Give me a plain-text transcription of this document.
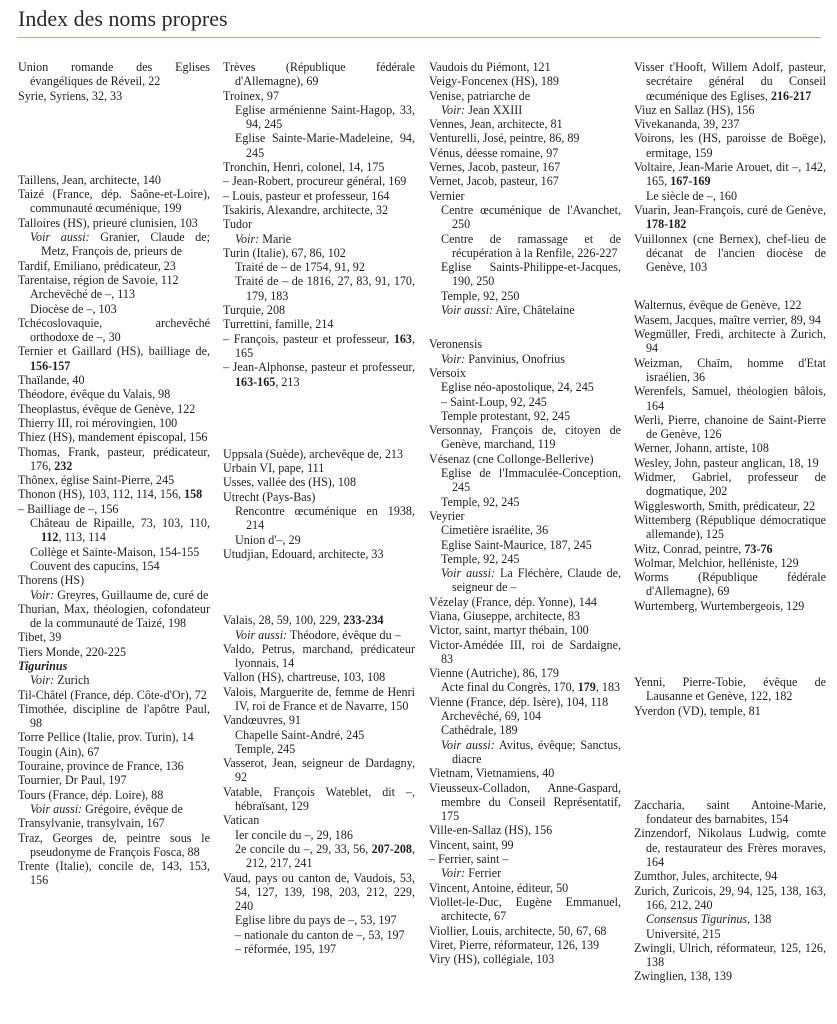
Index des noms propres

Union romande des Eglises évangéliques de Réveil, 22

Syrie, Syriens, 32, 33

Taillens, Jean, architecte, 140

Taizé (France, dép. Saône-et-Loire), communauté œcuménique, 199

Talloires (HS), prieuré clunisien, 103

Voir aussi: Granier, Claude de; Metz, François de, prieurs de

Tardif, Emiliano, prédicateur, 23

Tarentaise, région de Savoie, 112

Archevêché de –, 113

Diocèse de –, 103

Tchécoslovaquie, archevêché orthodoxe de –, 30

Ternier et Gaillard (HS), bailliage de, 156-157

Thaïlande, 40

Théodore, évêque du Valais, 98

Theoplastus, évêque de Genève, 122

Thierry III, roi mérovingien, 100

Thiez (HS), mandement épiscopal, 156

Thomas, Frank, pasteur, prédicateur, 176, 232

Thônex, église Saint-Pierre, 245

Thonon (HS), 103, 112, 114, 156, 158

– Bailliage de –, 156

Château de Ripaille, 73, 103, 110, 112, 113, 114

Collège et Sainte-Maison, 154-155

Couvent des capucins, 154

Thorens (HS)

Voir: Greyres, Guillaume de, curé de

Thurian, Max, théologien, cofondateur de la communauté de Taizé, 198

Tibet, 39

Tiers Monde, 220-225

Tigurinus

Voir: Zurich

Til-Châtel (France, dép. Côte-d'Or), 72

Timothée, discipline de l'apôtre Paul, 98

Torre Pellice (Italie, prov. Turin), 14

Tougin (Ain), 67

Touraine, province de France, 136

Tournier, Dr Paul, 197

Tours (France, dép. Loire), 88

Voir aussi: Grégoire, évêque de

Transylvanie, transylvain, 167

Traz, Georges de, peintre sous le pseudonyme de François Fosca, 88

Trente (Italie), concile de, 143, 153, 156

Trèves (République fédérale d'Allemagne), 69

Troinex, 97

Eglise arménienne Saint-Hagop, 33, 94, 245

Eglise Sainte-Marie-Madeleine, 94, 245

Tronchin, Henri, colonel, 14, 175

– Jean-Robert, procureur général, 169

– Louis, pasteur et professeur, 164

Tsakiris, Alexandre, architecte, 32

Tudor

Voir: Marie

Turin (Italie), 67, 86, 102

Traité de – de 1754, 91, 92

Traité de – de 1816, 27, 83, 91, 170, 179, 183

Turquie, 208

Turrettini, famille, 214

– François, pasteur et professeur, 163, 165

– Jean-Alphonse, pasteur et professeur, 163-165, 213

Uppsala (Suède), archevêque de, 213

Urbain VI, pape, 111

Usses, vallée des (HS), 108

Utrecht (Pays-Bas)

Rencontre œcuménique en 1938, 214

Union d'–, 29

Utudjian, Edouard, architecte, 33

Valais, 28, 59, 100, 229, 233-234

Voir aussi: Théodore, évêque du –

Valdo, Petrus, marchand, prédicateur lyonnais, 14

Vallon (HS), chartreuse, 103, 108

Valois, Marguerite de, femme de Henri IV, roi de France et de Navarre, 150

Vandœuvres, 91

Chapelle Saint-André, 245

Temple, 245

Vasserot, Jean, seigneur de Dardagny, 92

Vatable, François Wateblet, dit –, hébraïsant, 129

Vatican

Ier concile du –, 29, 186

2e concile du –, 29, 33, 56, 207-208, 212, 217, 241

Vaud, pays ou canton de, Vaudois, 53, 54, 127, 139, 198, 203, 212, 229, 240

Eglise libre du pays de –, 53, 197

– nationale du canton de –, 53, 197

– réformée, 195, 197

Vaudois du Piémont, 121

Veigy-Foncenex (HS), 189

Venise, patriarche de

Voir: Jean XXIII

Vennes, Jean, architecte, 81

Venturelli, José, peintre, 86, 89

Vénus, déesse romaine, 97

Vernes, Jacob, pasteur, 167

Vernet, Jacob, pasteur, 167

Vernier

Centre œcuménique de l'Avanchet, 250

Centre de ramassage et de récupération à la Renfile, 226-227

Eglise Saints-Philippe-et-Jacques, 190, 250

Temple, 92, 250

Voir aussi: Aïre, Châtelaine

Veronensis

Voir: Panvinius, Onofrius

Versoix

Eglise néo-apostolique, 24, 245

– Saint-Loup, 92, 245

Temple protestant, 92, 245

Versonnay, François de, citoyen de Genève, marchand, 119

Vésenaz (cne Collonge-Bellerive)

Eglise de l'Immaculée-Conception, 245

Temple, 92, 245

Veyrier

Cimetière israélite, 36

Eglise Saint-Maurice, 187, 245

Temple, 92, 245

Voir aussi: La Fléchère, Claude de, seigneur de –

Vézelay (France, dép. Yonne), 144

Viana, Giuseppe, architecte, 83

Victor, saint, martyr thébain, 100

Victor-Amédée III, roi de Sardaigne, 83

Vienne (Autriche), 86, 179

Acte final du Congrès, 170, 179, 183

Vienne (France, dép. Isère), 104, 118

Archevêché, 69, 104

Cathédrale, 189

Voir aussi: Avitus, évêque; Sanctus, diacre

Vietnam, Vietnamiens, 40

Vieusseux-Colladon, Anne-Gaspard, membre du Conseil Représentatif, 175

Ville-en-Sallaz (HS), 156

Vincent, saint, 99

– Ferrier, saint –

Voir: Ferrier

Vincent, Antoine, éditeur, 50

Viollet-le-Duc, Eugène Emmanuel, architecte, 67

Viollier, Louis, architecte, 50, 67, 68

Viret, Pierre, réformateur, 126, 139

Viry (HS), collégiale, 103

Visser t'Hooft, Willem Adolf, pasteur, secrétaire général du Conseil œcuménique des Eglises, 216-217

Viuz en Sallaz (HS), 156

Vivekananda, 39, 237

Voirons, les (HS, paroisse de Boëge), ermitage, 159

Voltaire, Jean-Marie Arouet, dit –, 142, 165, 167-169

Le siècle de –, 160

Vuarin, Jean-François, curé de Genève, 178-182

Vuillonnex (cne Bernex), chef-lieu de décanat de l'ancien diocèse de Genève, 103

Walternus, évêque de Genève, 122

Wasem, Jacques, maître verrier, 89, 94

Wegmüller, Fredi, architecte à Zurich, 94

Weizman, Chaïm, homme d'Etat israélien, 36

Werenfels, Samuel, théologien bâlois, 164

Werli, Pierre, chanoine de Saint-Pierre de Genève, 126

Werner, Johann, artiste, 108

Wesley, John, pasteur anglican, 18, 19

Widmer, Gabriel, professeur de dogmatique, 202

Wigglesworth, Smith, prédicateur, 22

Wittemberg (République démocratique allemande), 125

Witz, Conrad, peintre, 73-76

Wolmar, Melchior, helléniste, 129

Worms (République fédérale d'Allemagne), 69

Wurtemberg, Wurtembergeois, 129

Yenni, Pierre-Tobie, évêque de Lausanne et Genève, 122, 182

Yverdon (VD), temple, 81

Zaccharia, saint Antoine-Marie, fondateur des barnabites, 154

Zinzendorf, Nikolaus Ludwig, comte de, restaurateur des Frères moraves, 164

Zumthor, Jules, architecte, 94

Zurich, Zuricois, 29, 94, 125, 138, 163, 166, 212, 240

Consensus Tigurinus, 138

Université, 215

Zwingli, Ulrich, réformateur, 125, 126, 138

Zwinglien, 138, 139
